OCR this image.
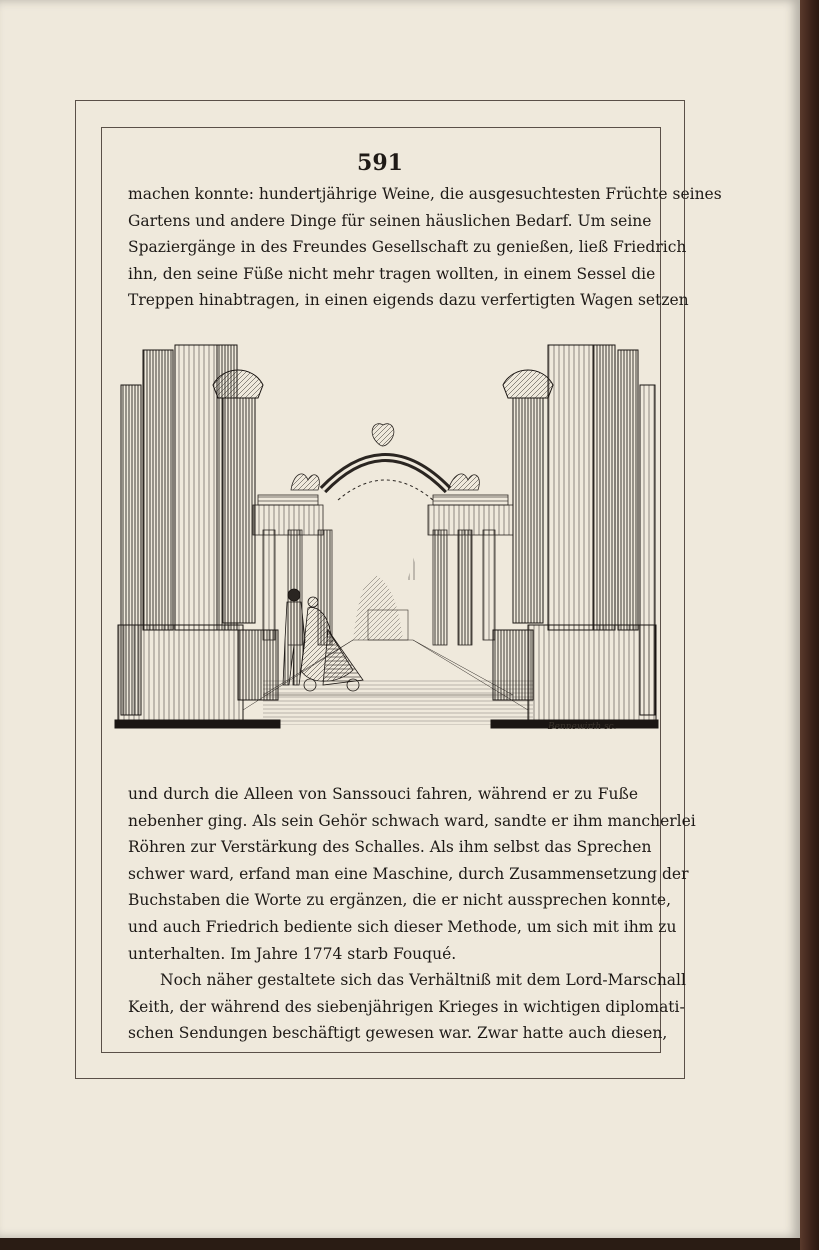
591
machen konnte: hundertjährige Weine, die ausgesuchtesten Früchte seines
Gartens und andere Dinge für seinen häuslichen Bedarf. Um seine
Spaziergänge in des Freundes Gesellschaft zu genießen, ließ Friedrich
ihn, den seine Füße nicht mehr tragen wollten, in einem Sessel die
Treppen hinabtragen, in einen eigends dazu verfertigten Wagen setzen
Bennewirth sc.
und durch die Alleen von Sanssouci fahren, während er zu Fuße
nebenher ging. Als sein Gehör schwach ward, sandte er ihm mancherlei
Röhren zur Verstärkung des Schalles. Als ihm selbst das Sprechen
schwer ward, erfand man eine Maschine, durch Zusammensetzung der
Buchstaben die Worte zu ergänzen, die er nicht aussprechen konnte,
und auch Friedrich bediente sich dieser Methode, um sich mit ihm zu
unterhalten. Im Jahre 1774 starb Fouqué.
Noch näher gestaltete sich das Verhältniß mit dem Lord-Marschall
Keith, der während des siebenjährigen Krieges in wichtigen diplomati-
schen Sendungen beschäftigt gewesen war. Zwar hatte auch diesen,
